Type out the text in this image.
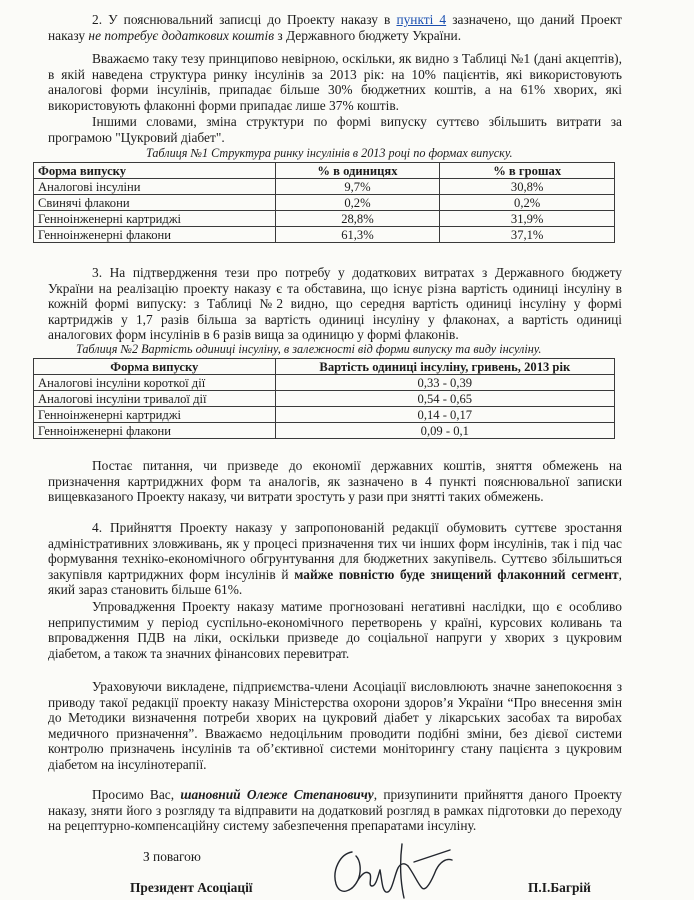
2. У пояснювальний записці до Проекту наказу в пункті 4 зазначено, що даний Проект наказу не потребує додаткових коштів з Державного бюджету України.

Вважаємо таку тезу принципово невірною, оскільки, як видно з Таблиці №1 (дані акцептів), в якій наведена структура ринку інсулінів за 2013 рік: на 10% пацієнтів, які використовують аналогові форми інсулінів, припадає більше 30% бюджетних коштів, а на 61% хворих, які використовують флаконні форми припадає лише 37% коштів.

Іншими словами, зміна структури по формі випуску суттєво збільшить витрати за програмою "Цукровий діабет".

Таблиця №1 Структура ринку інсулінів в 2013 році по формах випуску.
Форма випуску	% в одиницях	% в грошах
Аналогові інсуліни	9,7%	30,8%
Свинячі флакони	0,2%	0,2%
Генноінженерні картриджі	28,8%	31,9%
Генноінженерні флакони	61,3%	37,1%

3. На підтвердження тези про потребу у додаткових витратах з Державного бюджету України на реалізацію проекту наказу є та обставина, що існує різна вартість одиниці інсуліну в кожній формі випуску: з Таблиці №2 видно, що середня вартість одиниці інсуліну у формі картриджів у 1,7 разів більша за вартість одиниці інсуліну у флаконах, а вартість одиниці аналогових форм інсулінів в 6 разів вища за одиницю у формі флаконів.

Таблиця №2 Вартість одиниці інсуліну, в залежності від форми випуску та виду інсуліну.
Форма випуску	Вартість одиниці інсуліну, гривень, 2013 рік
Аналогові інсуліни короткої дії	0,33 - 0,39
Аналогові інсуліни тривалої дії	0,54 - 0,65
Генноінженерні картриджі	0,14 - 0,17
Генноінженерні флакони	0,09 - 0,1

Постає питання, чи призведе до економії державних коштів, зняття обмежень на призначення картриджних форм та аналогів, як зазначено в 4 пункті пояснювальної записки вищевказаного Проекту наказу, чи витрати зростуть у рази при знятті таких обмежень.

4. Прийняття Проекту наказу у запропонованій редакції обумовить суттєве зростання адміністративних зловживань, як у процесі призначення тих чи інших форм інсулінів, так і під час формування техніко-економічного обгрунтування для бюджетних закупівель. Суттєво збільшиться закупівля картриджних форм інсулінів й майже повністю буде знищений флаконний сегмент, який зараз становить більше 61%.

Упровадження Проекту наказу матиме прогнозовані негативні наслідки, що є особливо неприпустимим у період суспільно-економічного перетворень у країні, курсових коливань та впровадження ПДВ на ліки, оскільки призведе до соціальної напруги у хворих з цукровим діабетом, а також та значних фінансових перевитрат.

Ураховуючи викладене, підприємства-члени Асоціації висловлюють значне занепокоєння з приводу такої редакції проекту наказу Міністерства охорони здоров’я України “Про внесення змін до Методики визначення потреби хворих на цукровий діабет у лікарських засобах та виробах медичного призначення”. Вважаємо недоцільним проводити подібні зміни, без дієвої системи контролю призначень інсулінів та об’єктивної системи моніторингу стану пацієнта з цукровим діабетом на інсулінотерапії.

Просимо Вас, шановний Олеже Степановичу, призупинити прийняття даного Проекту наказу, зняти його з розгляду та відправити на додатковий розгляд в рамках підготовки до переходу на рецептурно-компенсаційну систему забезпечення препаратами інсуліну.

З повагою
Президент Асоціації	П.І.Багрій
